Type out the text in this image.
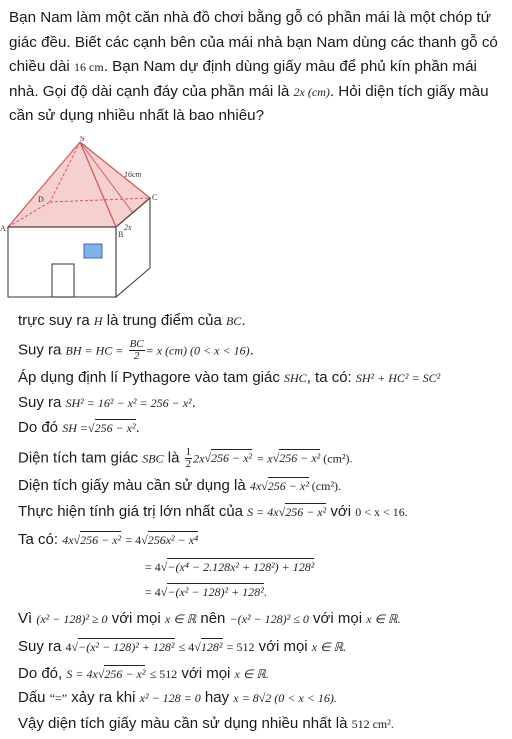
Bạn Nam làm một căn nhà đồ chơi bằng gỗ có phần mái là một chóp tứ giác đều. Biết các cạnh bên của mái nhà bạn Nam dùng các thanh gỗ có chiều dài 16 cm. Bạn Nam dự định dùng giấy màu để phủ kín phần mái nhà. Gọi độ dài cạnh đáy của phần mái là 2x (cm). Hỏi diện tích giấy màu cần sử dụng nhiều nhất là bao nhiêu?

S
D	C
A
B
16cm
2x
trực suy ra H là trung điểm của BC.
Suy ra BH = HC = $\frac{BC}{2} = x$ (cm) (0 < x < 16).
Áp dụng định lí Pythagore vào tam giác SHC, ta có: SH² + HC² = SC²
Suy ra SH² = 16² − x² = 256 − x².
Do đó SH =√ 256 − x².
Diện tích tam giác SBC là $\frac{1}{2} 2x√$ 256 − x² = x√ 256 − x² (cm²).
Diện tích giấy màu cần sử dụng là 4x√ 256 − x² (cm²).
Thực hiện tính giá trị lớn nhất của S = 4x√ 256 − x² với 0 < x < 16.
Ta có: 4x√ 256 − x² = 4√ 256x² − x⁴
= 4√ −(x⁴ − 2.128x² + 128²) + 128²
= 4√ −(x² − 128)² + 128².
Vì (x² − 128)² ≥ 0 với mọi x ∈ ℝ nên −(x² − 128)² ≤ 0 với mọi x ∈ ℝ.
Suy ra 4√ −(x² − 128)² + 128² ≤ 4√ 128² = 512 với mọi x ∈ ℝ.
Do đó, S = 4x√ 256 − x² ≤ 512 với mọi x ∈ ℝ.
Dấu “=” xảy ra khi x² − 128 = 0 hay x = 8√2 (0 < x < 16).
Vậy diện tích giấy màu cần sử dụng nhiều nhất là 512 cm².
